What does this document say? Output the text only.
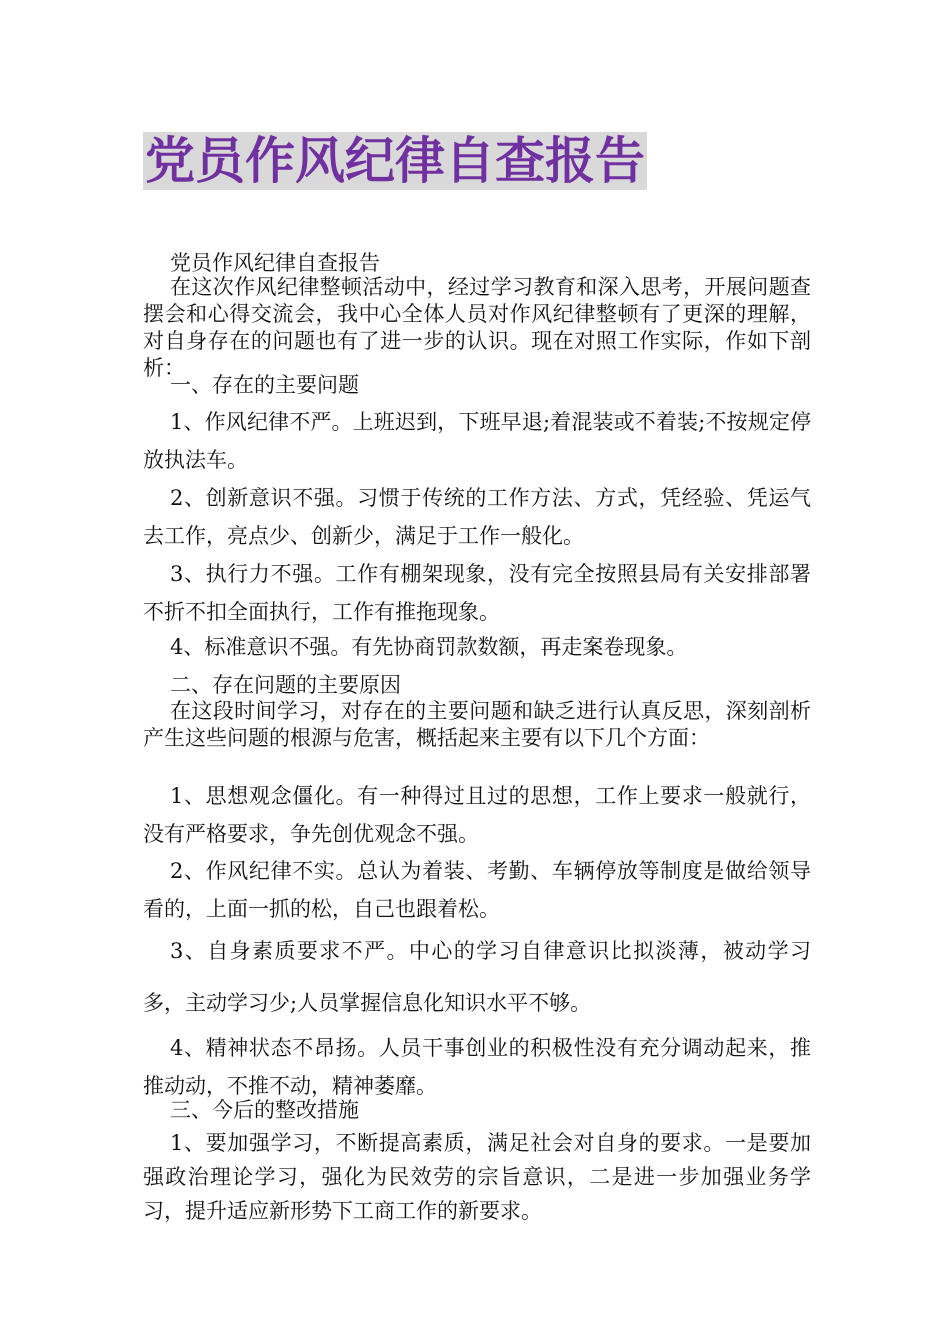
党员作风纪律自查报告

党员作风纪律自查报告

在这次作风纪律整顿活动中，经过学习教育和深入思考，开展问题查摆会和心得交流会，我中心全体人员对作风纪律整顿有了更深的理解，对自身存在的问题也有了进一步的认识。现在对照工作实际，作如下剖析：

一、存在的主要问题

1、作风纪律不严。上班迟到，下班早退;着混装或不着装;不按规定停放执法车。

2、创新意识不强。习惯于传统的工作方法、方式，凭经验、凭运气去工作，亮点少、创新少，满足于工作一般化。

3、执行力不强。工作有棚架现象，没有完全按照县局有关安排部署不折不扣全面执行，工作有推拖现象。

4、标准意识不强。有先协商罚款数额，再走案卷现象。

二、存在问题的主要原因

在这段时间学习，对存在的主要问题和缺乏进行认真反思，深刻剖析产生这些问题的根源与危害，概括起来主要有以下几个方面：

1、思想观念僵化。有一种得过且过的思想，工作上要求一般就行，没有严格要求，争先创优观念不强。

2、作风纪律不实。总认为着装、考勤、车辆停放等制度是做给领导看的，上面一抓的松，自己也跟着松。

3、自身素质要求不严。中心的学习自律意识比拟淡薄，被动学习多，主动学习少;人员掌握信息化知识水平不够。

4、精神状态不昂扬。人员干事创业的积极性没有充分调动起来，推推动动，不推不动，精神萎靡。

三、今后的整改措施

1、要加强学习，不断提高素质，满足社会对自身的要求。一是要加强政治理论学习，强化为民效劳的宗旨意识，二是进一步加强业务学习，提升适应新形势下工商工作的新要求。
